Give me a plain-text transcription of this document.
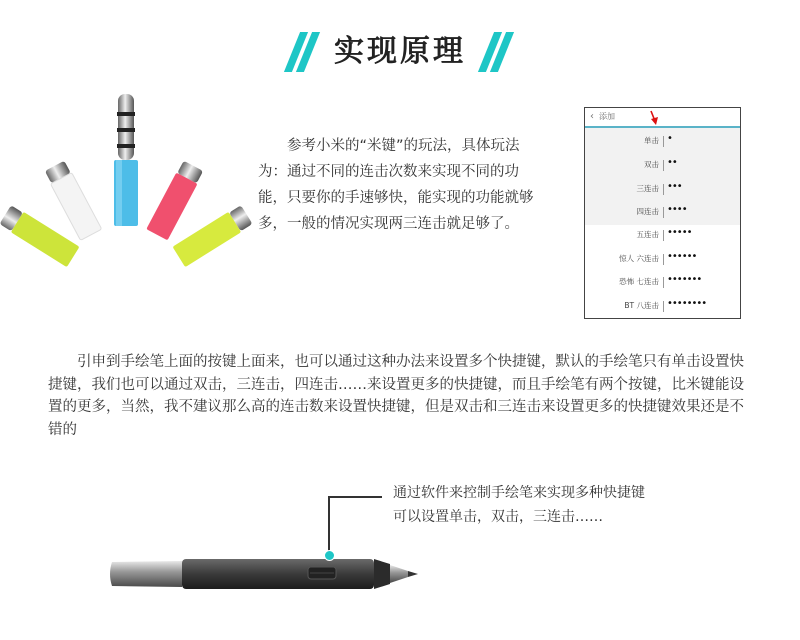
实现原理
参考小米的“米键”的玩法，具体玩法为：通过不同的连击次数来实现不同的功能，只要你的手速够快，能实现的功能就够多，一般的情况实现两三连击就足够了。
‹ 添加
单击 •
双击 ••
三连击 •••
四连击 ••••
五连击 •••••
惊人 六连击 ••••••
恐怖 七连击 •••••••
BT 八连击 ••••••••
引申到手绘笔上面的按键上面来，也可以通过这种办法来设置多个快捷键，默认的手绘笔只有单击设置快捷键，我们也可以通过双击，三连击，四连击……来设置更多的快捷键，而且手绘笔有两个按键，比米键能设置的更多，当然，我不建议那么高的连击数来设置快捷键，但是双击和三连击来设置更多的快捷键效果还是不错的
通过软件来控制手绘笔来实现多种快捷键
可以设置单击，双击，三连击……
